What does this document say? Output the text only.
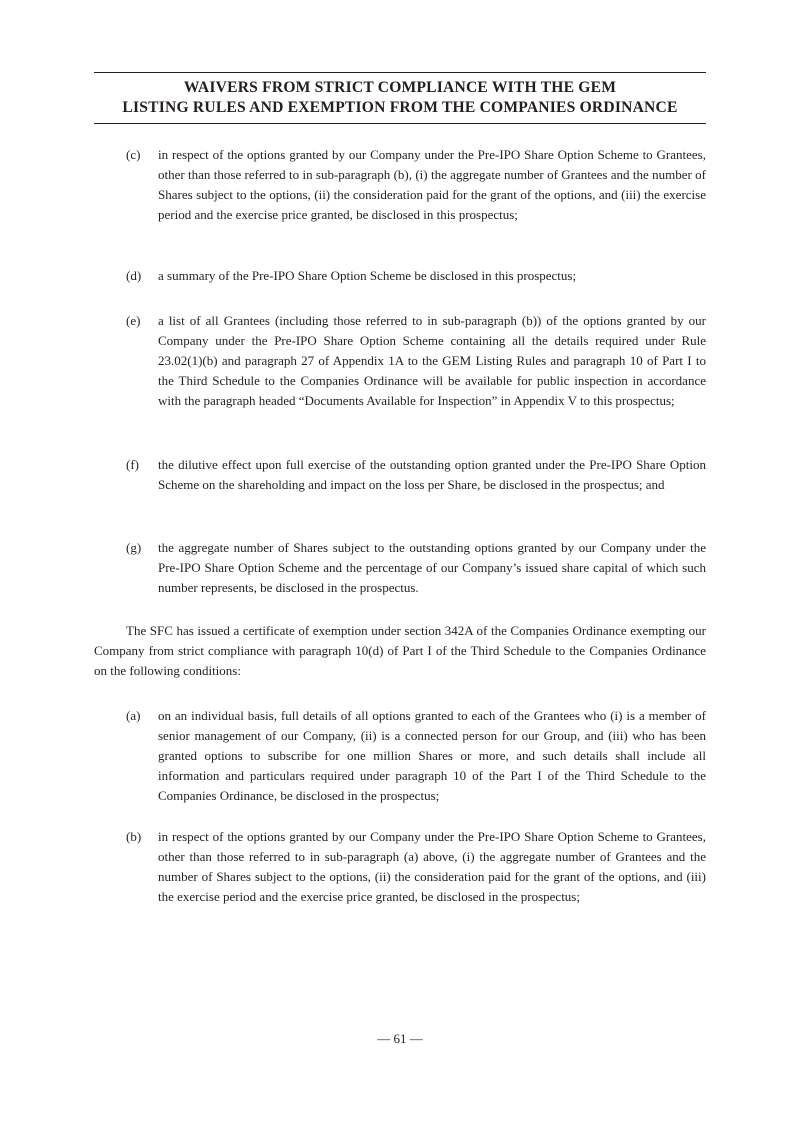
WAIVERS FROM STRICT COMPLIANCE WITH THE GEM
LISTING RULES AND EXEMPTION FROM THE COMPANIES ORDINANCE
(c) in respect of the options granted by our Company under the Pre-IPO Share Option Scheme to Grantees, other than those referred to in sub-paragraph (b), (i) the aggregate number of Grantees and the number of Shares subject to the options, (ii) the consideration paid for the grant of the options, and (iii) the exercise period and the exercise price granted, be disclosed in this prospectus;
(d) a summary of the Pre-IPO Share Option Scheme be disclosed in this prospectus;
(e) a list of all Grantees (including those referred to in sub-paragraph (b)) of the options granted by our Company under the Pre-IPO Share Option Scheme containing all the details required under Rule 23.02(1)(b) and paragraph 27 of Appendix 1A to the GEM Listing Rules and paragraph 10 of Part I to the Third Schedule to the Companies Ordinance will be available for public inspection in accordance with the paragraph headed “Documents Available for Inspection” in Appendix V to this prospectus;
(f) the dilutive effect upon full exercise of the outstanding option granted under the Pre-IPO Share Option Scheme on the shareholding and impact on the loss per Share, be disclosed in the prospectus; and
(g) the aggregate number of Shares subject to the outstanding options granted by our Company under the Pre-IPO Share Option Scheme and the percentage of our Company’s issued share capital of which such number represents, be disclosed in the prospectus.
The SFC has issued a certificate of exemption under section 342A of the Companies Ordinance exempting our Company from strict compliance with paragraph 10(d) of Part I of the Third Schedule to the Companies Ordinance on the following conditions:
(a) on an individual basis, full details of all options granted to each of the Grantees who (i) is a member of senior management of our Company, (ii) is a connected person for our Group, and (iii) who has been granted options to subscribe for one million Shares or more, and such details shall include all information and particulars required under paragraph 10 of the Part I of the Third Schedule to the Companies Ordinance, be disclosed in the prospectus;
(b) in respect of the options granted by our Company under the Pre-IPO Share Option Scheme to Grantees, other than those referred to in sub-paragraph (a) above, (i) the aggregate number of Grantees and the number of Shares subject to the options, (ii) the consideration paid for the grant of the options, and (iii) the exercise period and the exercise price granted, be disclosed in the prospectus;
— 61 —
